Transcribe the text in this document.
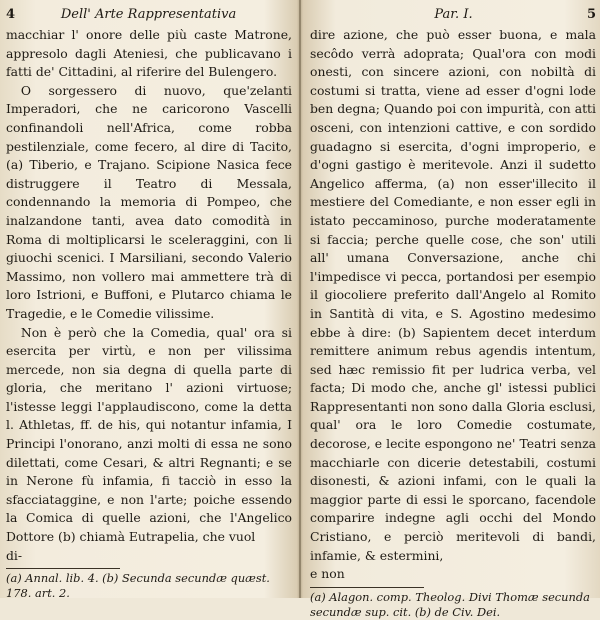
4	Dell' Arte Rappresentativa

macchiar l' onore delle più caste Matrone, appresolo dagli Ateniesi, che publicavano i fatti de' Cittadini, al riferire del Bulengero.

O sorgessero di nuovo, que'zelanti Imperadori, che ne caricorono Vascelli confinandoli nell'Africa, come robba pestilenziale, come fecero, al dire di Tacito, (a) Tiberio, e Trajano. Scipione Nasica fece distruggere il Teatro di Messala, condennando la memoria di Pompeo, che inalzandone tanti, avea dato comodità in Roma di moltiplicarsi le sceleraggini, con li giuochi scenici. I Marsiliani, secondo Valerio Massimo, non vollero mai ammettere trà di loro Istrioni, e Buffoni, e Plutarco chiama le Tragedie, e le Comedie vilissime.

Non è però che la Comedia, qual' ora si esercita per virtù, e non per vilissima mercede, non sia degna di quella parte di gloria, che meritano l' azioni virtuose; l'istesse leggi l'applaudiscono, come la detta l. Athletas, ff. de his, qui notantur infamia, I Principi l'onorano, anzi molti di essa ne sono dilettati, come Cesari, & altri Regnanti; e se in Nerone fù infamia, fi tacciò in esso la sfacciataggine, e non l'arte; poiche essendo la Comica di quelle azioni, che l'Angelico Dottore (b) chiamà Eutrapelia, che vuol

di-

(a) Annal. lib. 4. (b) Secunda secundæ quæst. 178. art. 2.
Par. I.	5

dire azione, che può esser buona, e mala secôdo verrà adoprata; Qual'ora con modi onesti, con sincere azioni, con nobiltà di costumi si tratta, viene ad esser d'ogni lode ben degna; Quando poi con impurità, con atti osceni, con intenzioni cattive, e con sordido guadagno si esercita, d'ogni improperio, e d'ogni gastigo è meritevole. Anzi il sudetto Angelico afferma, (a) non esser'illecito il mestiere del Comediante, e non esser egli in istato peccaminoso, purche moderatamente si faccia; perche quelle cose, che son' utili all' umana Conversazione, anche chi l'impedisce vi pecca, portandosi per esempio il giocoliere preferito dall'Angelo al Romito in Santità di vita, e S. Agostino medesimo ebbe à dire: (b) Sapientem decet interdum remittere animum rebus agendis intentum, sed hæc remissio fit per ludrica verba, vel facta; Di modo che, anche gl' istessi publici Rappresentanti non sono dalla Gloria esclusi, qual' ora le loro Comedie costumate, decorose, e lecite espongono ne' Teatri senza macchiarle con dicerie detestabili, costumi disonesti, & azioni infami, con le quali la maggior parte di essi le sporcano, facendole comparire indegne agli occhi del Mondo Cristiano, e perciò meritevoli di bandi, infamie, & estermini,

e non

(a) Alagon. comp. Theolog. Divi Thomæ secunda secundæ sup. cit. (b) de Civ. Dei.
